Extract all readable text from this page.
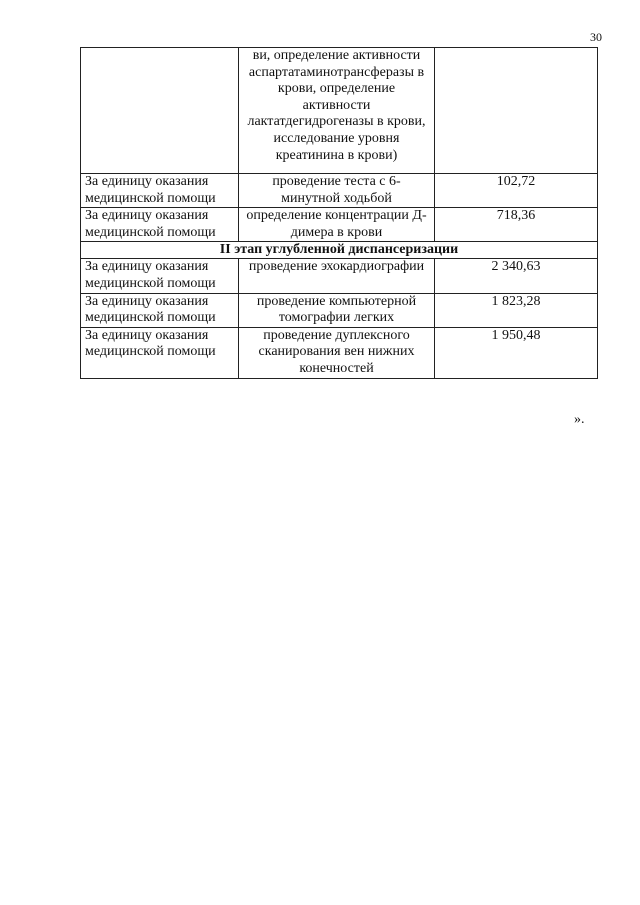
30
	ви, определение активности аспартатаминотрансферазы в крови, определение активности лактатдегидрогеназы в крови, исследование уровня креатинина в крови)	
За единицу оказания медицинской помощи	проведение теста с 6-минутной ходьбой	102,72
За единицу оказания медицинской помощи	определение концентрации Д-димера в крови	718,36
II этап углубленной диспансеризации		
За единицу оказания медицинской помощи	проведение эхокардиографии	2 340,63
За единицу оказания медицинской помощи	проведение компьютерной томографии легких	1 823,28
За единицу оказания медицинской помощи	проведение дуплексного сканирования вен нижних конечностей	1 950,48
».
